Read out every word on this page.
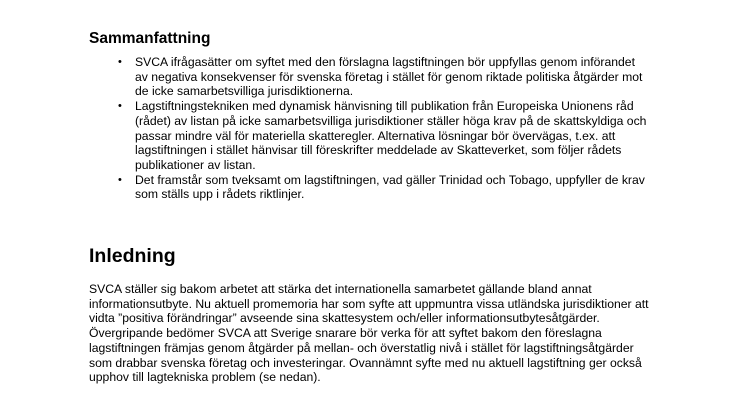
Sammanfattning
• SVCA ifrågasätter om syftet med den förslagna lagstiftningen bör uppfyllas genom införandet av negativa konsekvenser för svenska företag i stället för genom riktade politiska åtgärder mot de icke samarbetsvilliga jurisdiktionerna.
• Lagstiftningstekniken med dynamisk hänvisning till publikation från Europeiska Unionens råd (rådet) av listan på icke samarbetsvilliga jurisdiktioner ställer höga krav på de skattskyldiga och passar mindre väl för materiella skatteregler. Alternativa lösningar bör övervägas, t.ex. att lagstiftningen i stället hänvisar till föreskrifter meddelade av Skatteverket, som följer rådets publikationer av listan.
• Det framstår som tveksamt om lagstiftningen, vad gäller Trinidad och Tobago, uppfyller de krav som ställs upp i rådets riktlinjer.
Inledning

SVCA ställer sig bakom arbetet att stärka det internationella samarbetet gällande bland annat informationsutbyte. Nu aktuell promemoria har som syfte att uppmuntra vissa utländska jurisdiktioner att vidta ”positiva förändringar” avseende sina skattesystem och/eller informationsutbytesåtgärder. Övergripande bedömer SVCA att Sverige snarare bör verka för att syftet bakom den föreslagna lagstiftningen främjas genom åtgärder på mellan- och överstatlig nivå i stället för lagstiftningsåtgärder som drabbar svenska företag och investeringar. Ovannämnt syfte med nu aktuell lagstiftning ger också upphov till lagtekniska problem (se nedan).
